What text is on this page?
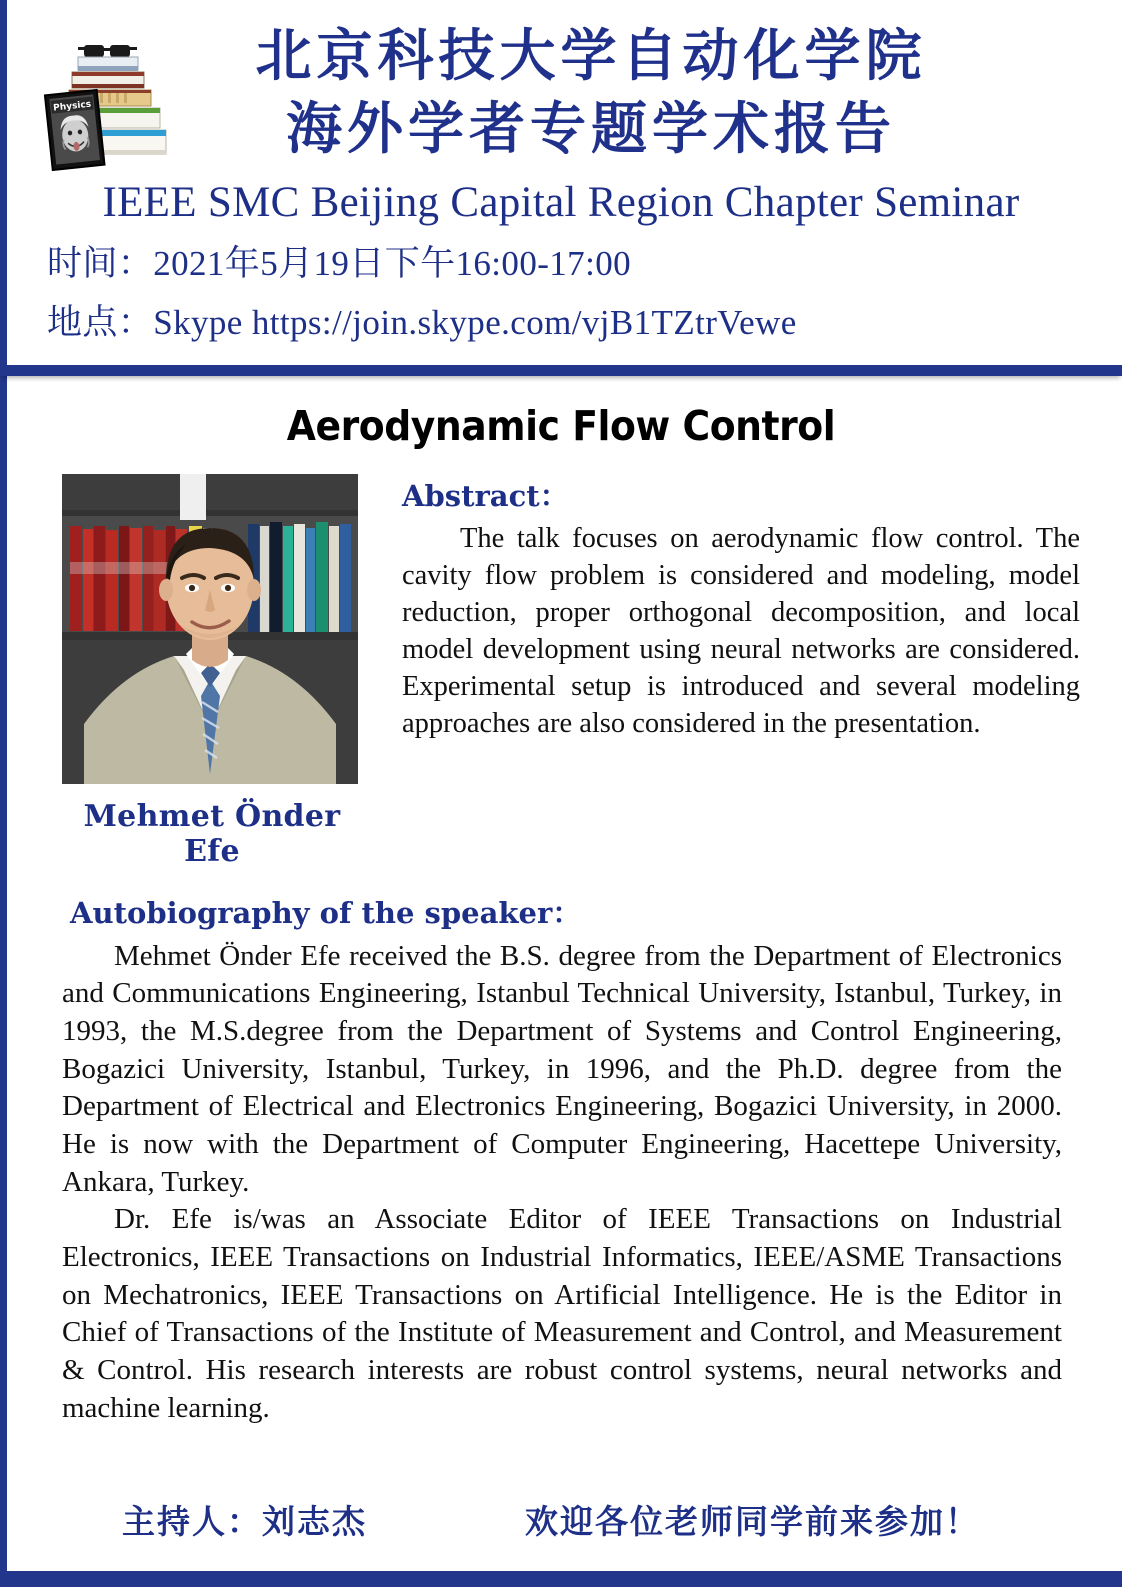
Physics
北京科技大学自动化学院
海外学者专题学术报告
IEEE SMC Beijing Capital Region Chapter Seminar
时间：2021年5月19日下午16:00-17:00
地点：Skype https://join.skype.com/vjB1TZtrVewe
Aerodynamic Flow Control
Mehmet Önder Efe
Abstract：
The talk focuses on aerodynamic flow control. The cavity flow problem is considered and modeling, model reduction, proper orthogonal decomposition, and local model development using neural networks are considered. Experimental setup is introduced and several modeling approaches are also considered in the presentation.
Autobiography of the speaker：

Mehmet Önder Efe received the B.S. degree from the Department of Electronics and Communications Engineering, Istanbul Technical University, Istanbul, Turkey, in 1993, the M.S.degree from the Department of Systems and Control Engineering, Bogazici University, Istanbul, Turkey, in 1996, and the Ph.D. degree from the Department of Electrical and Electronics Engineering, Bogazici University, in 2000. He is now with the Department of Computer Engineering, Hacettepe University, Ankara, Turkey.

Dr. Efe is/was an Associate Editor of IEEE Transactions on Industrial Electronics, IEEE Transactions on Industrial Informatics, IEEE/ASME Transactions on Mechatronics, IEEE Transactions on Artificial Intelligence. He is the Editor in Chief of Transactions of the Institute of Measurement and Control, and Measurement & Control. His research interests are robust control systems, neural networks and machine learning.

主持人：刘志杰	欢迎各位老师同学前来参加！
